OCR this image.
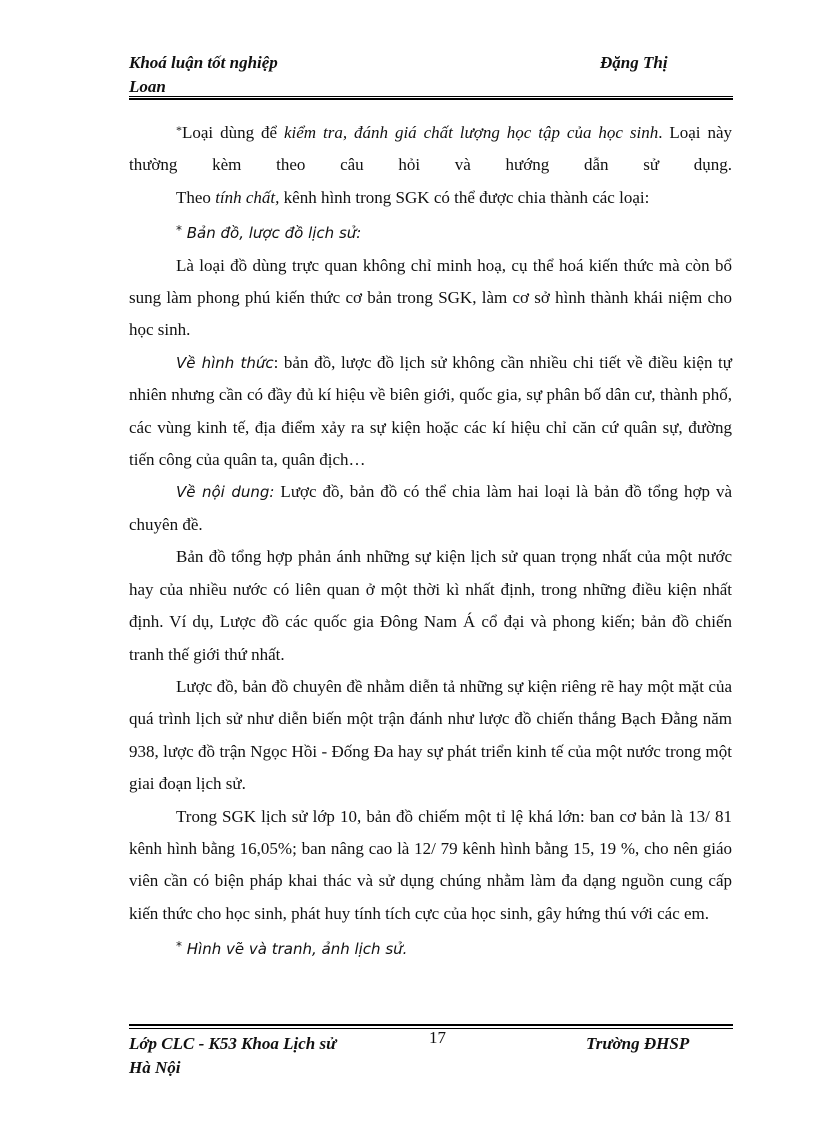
Khoá luận tốt nghiệp
Loan
Đặng Thị

*Loại dùng để kiểm tra, đánh giá chất lượng học tập của học sinh. Loại này thường kèm theo câu hỏi và hướng dẫn sử dụng.

Theo tính chất, kênh hình trong SGK có thể được chia thành các loại:

* Bản đồ, lược đồ lịch sử:

Là loại đồ dùng trực quan không chỉ minh hoạ, cụ thể hoá kiến thức mà còn bổ sung làm phong phú kiến thức cơ bản trong SGK, làm cơ sở hình thành khái niệm cho học sinh.

Về hình thức: bản đồ, lược đồ lịch sử không cần nhiều chi tiết về điều kiện tự nhiên nhưng cần có đầy đủ kí hiệu về biên giới, quốc gia, sự phân bố dân cư, thành phố, các vùng kinh tế, địa điểm xảy ra sự kiện hoặc các kí hiệu chỉ căn cứ quân sự, đường tiến công của quân ta, quân địch…

Về nội dung: Lược đồ, bản đồ có thể chia làm hai loại là bản đồ tổng hợp và chuyên đề.

Bản đồ tổng hợp phản ánh những sự kiện lịch sử quan trọng nhất của một nước hay của nhiều nước có liên quan ở một thời kì nhất định, trong những điều kiện nhất định. Ví dụ, Lược đồ các quốc gia Đông Nam Á cổ đại và phong kiến; bản đồ chiến tranh thế giới thứ nhất.

Lược đồ, bản đồ chuyên đề nhằm diễn tả những sự kiện riêng rẽ hay một mặt của quá trình lịch sử như diễn biến một trận đánh như lược đồ chiến thắng Bạch Đằng năm 938, lược đồ trận Ngọc Hồi - Đống Đa hay sự phát triển kinh tế của một nước trong một giai đoạn lịch sử.

Trong SGK lịch sử lớp 10, bản đồ chiếm một tỉ lệ khá lớn: ban cơ bản là 13/ 81 kênh hình bằng 16,05%; ban nâng cao là 12/ 79 kênh hình bằng 15, 19 %, cho nên giáo viên cần có biện pháp khai thác và sử dụng chúng nhằm làm đa dạng nguồn cung cấp kiến thức cho học sinh, phát huy tính tích cực của học sinh, gây hứng thú với các em.

* Hình vẽ và tranh, ảnh lịch sử.

Lớp CLC - K53 Khoa Lịch sử
Hà Nội
17	Trường ĐHSP
